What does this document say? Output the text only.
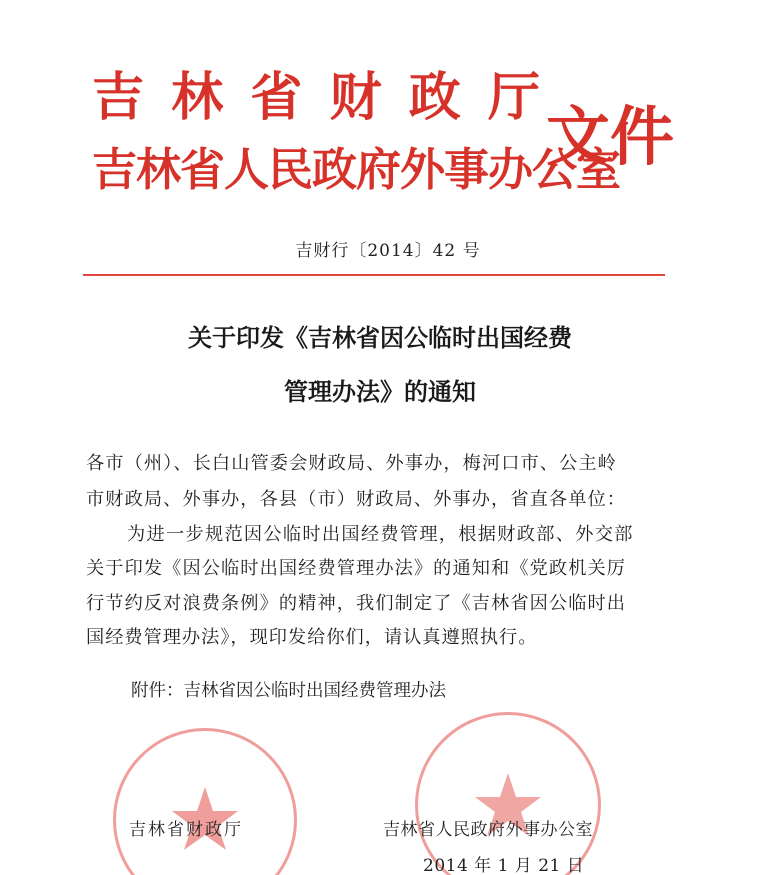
吉 林 省 财 政 厅
吉林省人民政府外事办公室
文件
吉财行〔2014〕42 号
关于印发《吉林省因公临时出国经费
管理办法》的通知
各市（州）、长白山管委会财政局、外事办，梅河口市、公主岭
市财政局、外事办，各县（市）财政局、外事办，省直各单位：
为进一步规范因公临时出国经费管理，根据财政部、外交部
关于印发《因公临时出国经费管理办法》的通知和《党政机关厉
行节约反对浪费条例》的精神，我们制定了《吉林省因公临时出
国经费管理办法》，现印发给你们，请认真遵照执行。
附件：吉林省因公临时出国经费管理办法
吉林省财政厅	吉林省人民政府外事办公室
2014 年 1 月 21 日
